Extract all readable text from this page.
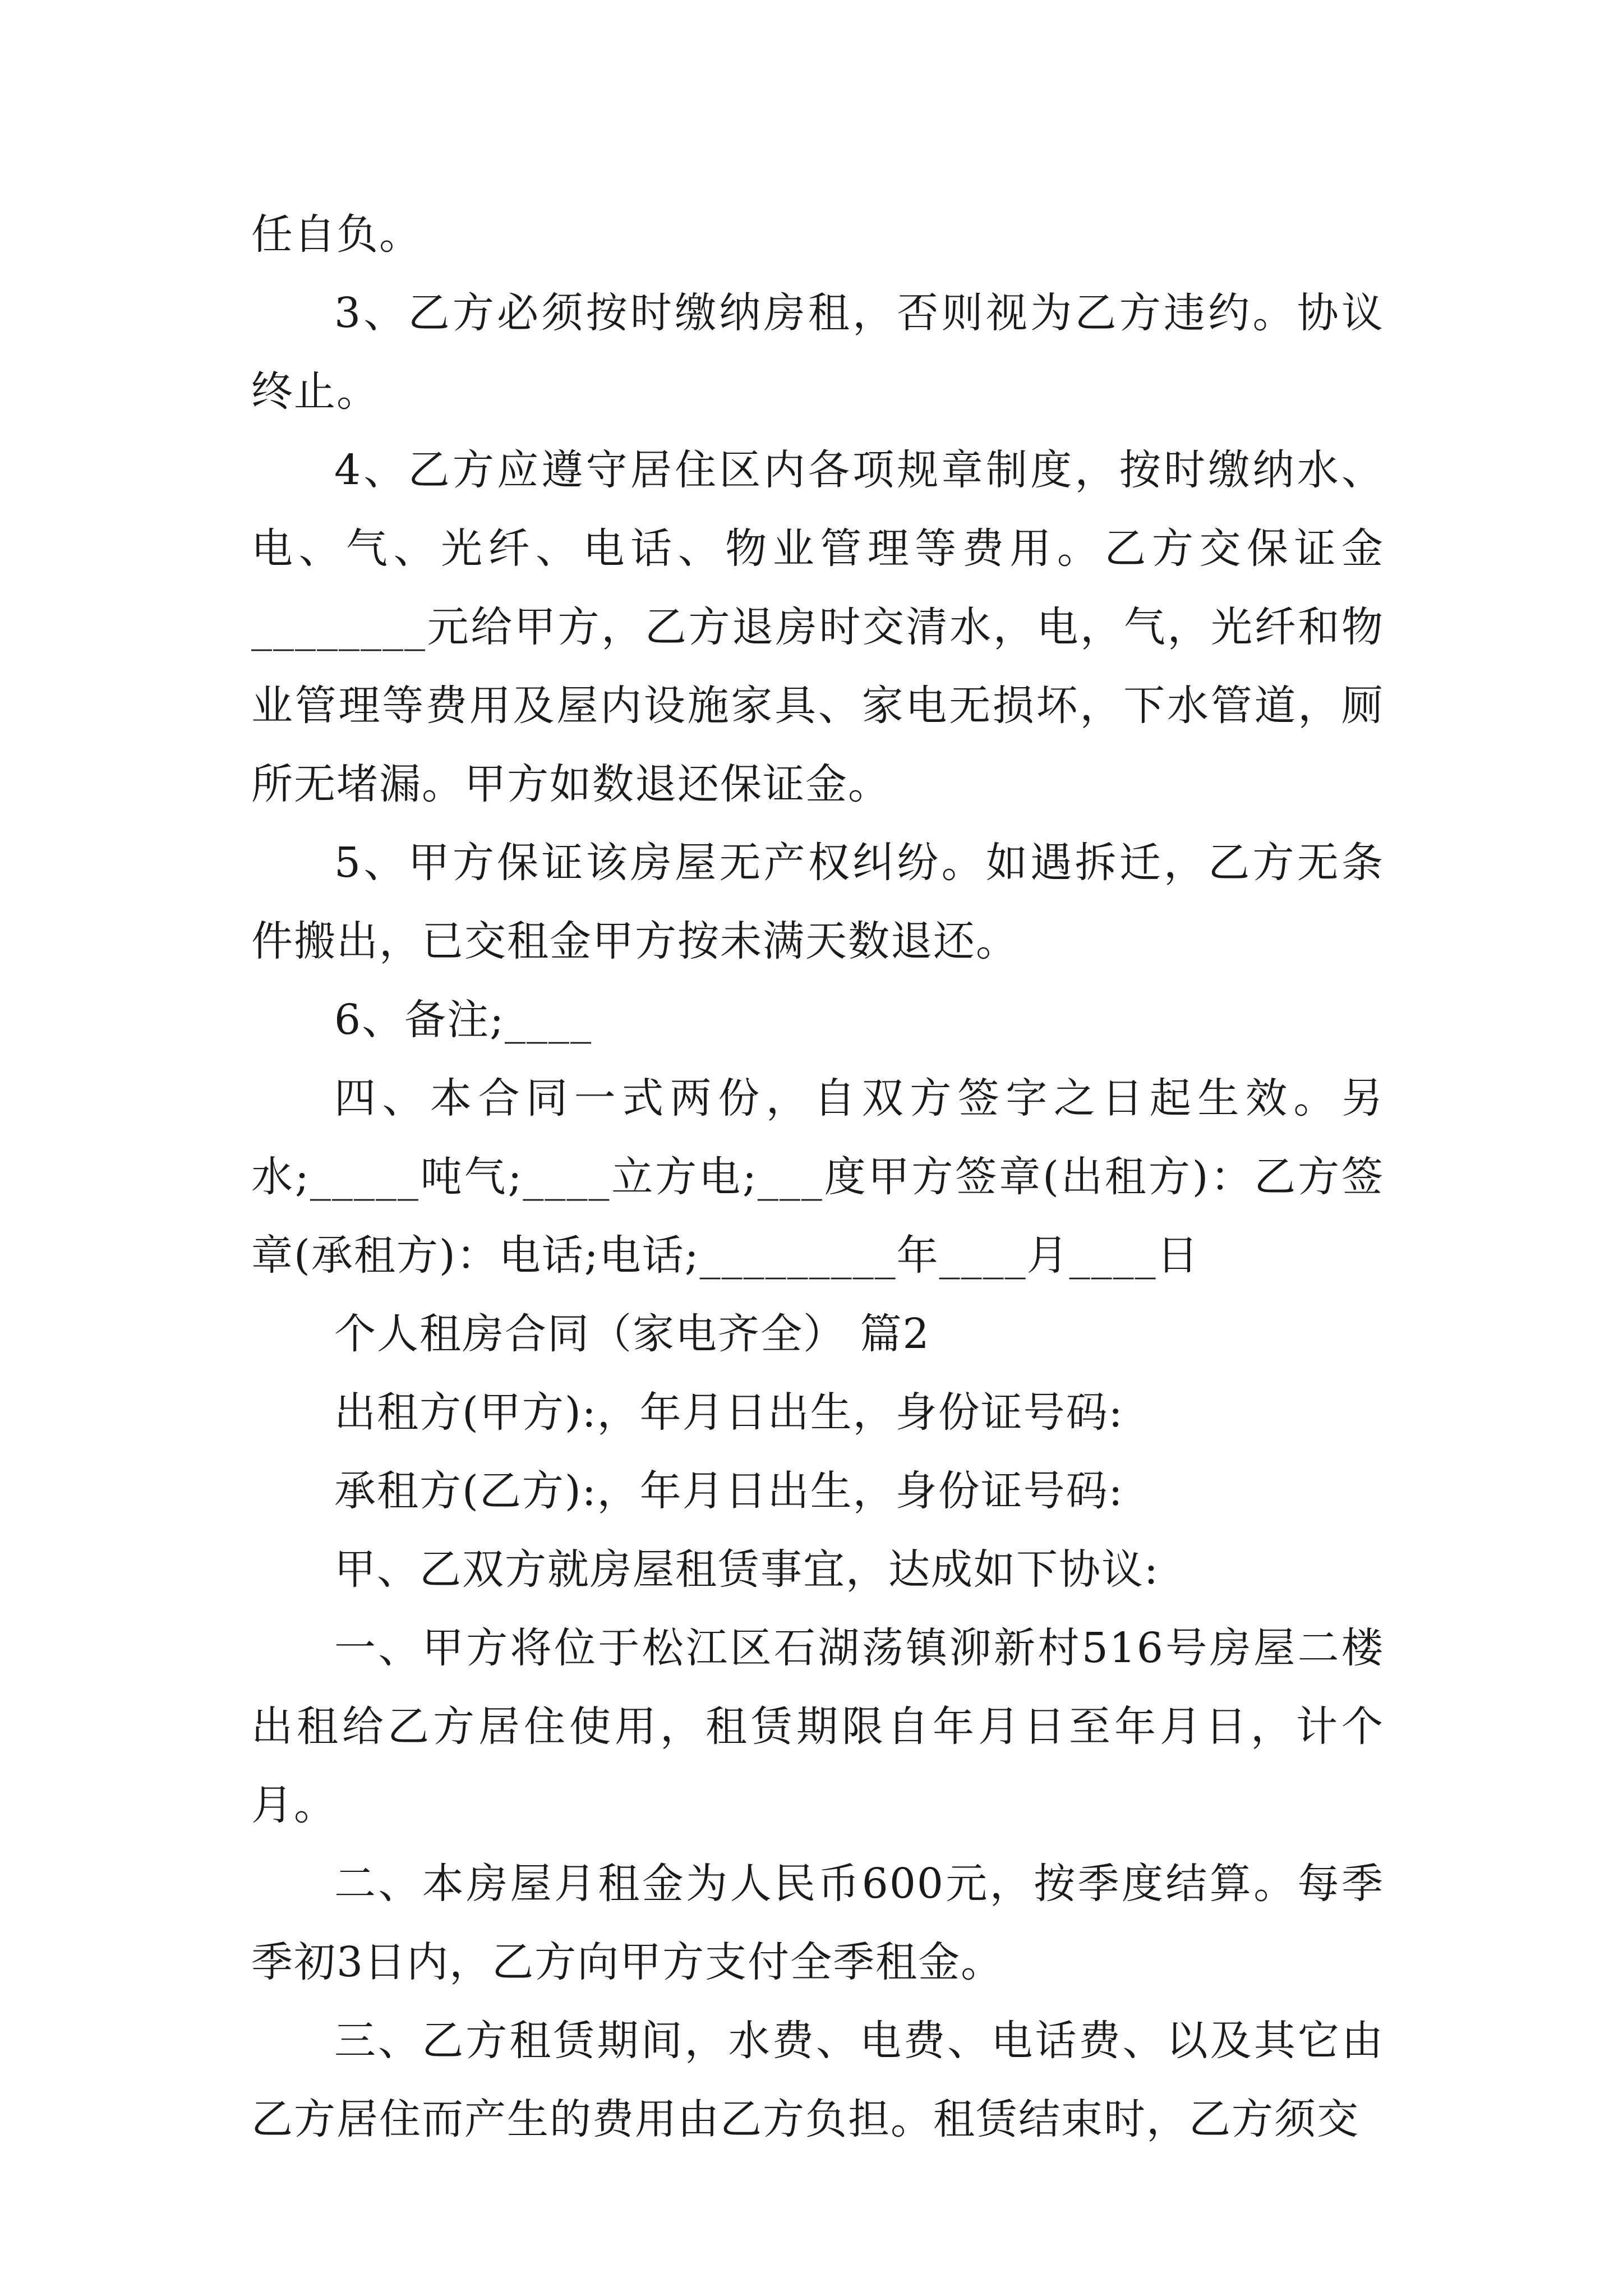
任自负。

3、乙方必须按时缴纳房租，否则视为乙方违约。协议终止。

4、乙方应遵守居住区内各项规章制度，按时缴纳水、电、气、光纤、电话、物业管理等费用。乙方交保证金________元给甲方，乙方退房时交清水，电，气，光纤和物业管理等费用及屋内设施家具、家电无损坏，下水管道，厕所无堵漏。甲方如数退还保证金。

5、甲方保证该房屋无产权纠纷。如遇拆迁，乙方无条件搬出，已交租金甲方按未满天数退还。

6、备注;____

四、本合同一式两份，自双方签字之日起生效。另水;_____吨气;____立方电;___度甲方签章(出租方)：乙方签章(承租方)：电话;电话;_________年____月____日

个人租房合同（家电齐全） 篇2

出租方(甲方):，年月日出生，身份证号码:

承租方(乙方):，年月日出生，身份证号码:

甲、乙双方就房屋租赁事宜，达成如下协议:

一、甲方将位于松江区石湖荡镇泖新村516号房屋二楼出租给乙方居住使用，租赁期限自年月日至年月日，计个月。

二、本房屋月租金为人民币600元，按季度结算。每季季初3日内，乙方向甲方支付全季租金。

三、乙方租赁期间，水费、电费、电话费、以及其它由乙方居住而产生的费用由乙方负担。租赁结束时，乙方须交
